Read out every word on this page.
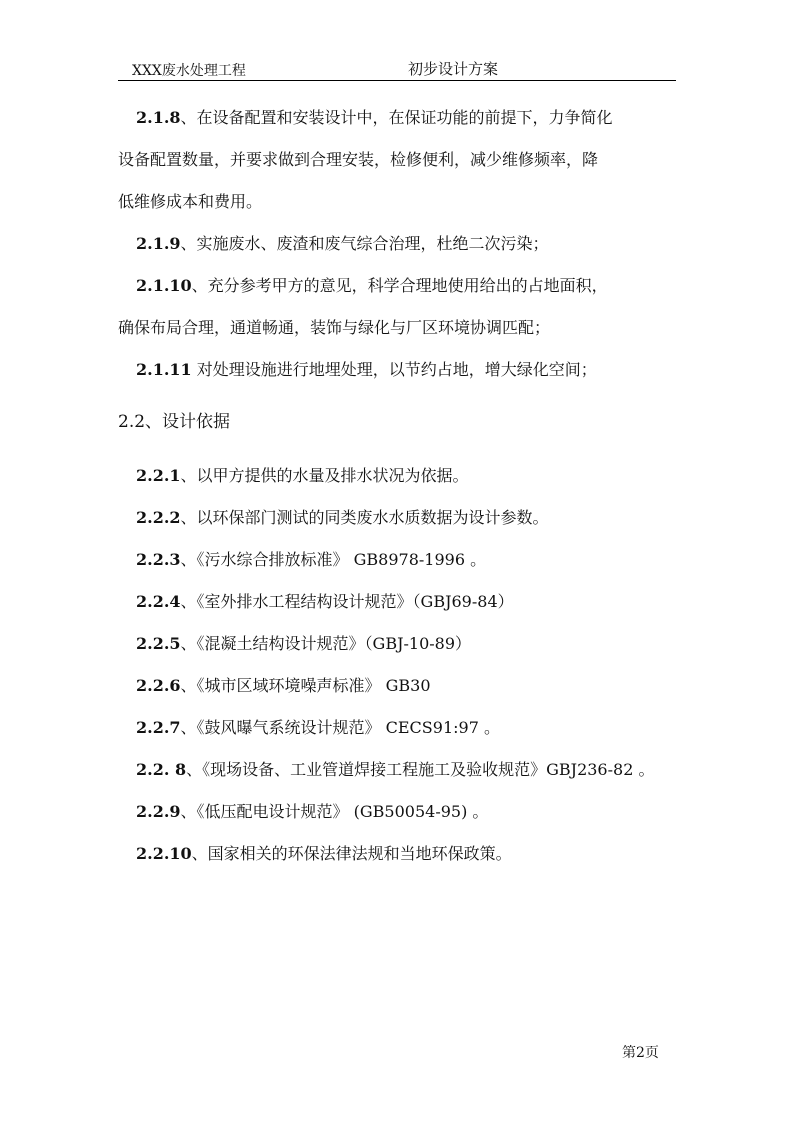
XXX废水处理工程	初步设计方案

2.1.8、在设备配置和安装设计中，在保证功能的前提下，力争简化

设备配置数量，并要求做到合理安装，检修便利，减少维修频率，降

低维修成本和费用。

2.1.9、实施废水、废渣和废气综合治理，杜绝二次污染；

2.1.10、充分参考甲方的意见，科学合理地使用给出的占地面积，

确保布局合理，通道畅通，装饰与绿化与厂区环境协调匹配；

2.1.11 对处理设施进行地埋处理，以节约占地，增大绿化空间；

2.2、设计依据

2.2.1、以甲方提供的水量及排水状况为依据。

2.2.2、以环保部门测试的同类废水水质数据为设计参数。

2.2.3、《污水综合排放标准》 GB8978-1996 。

2.2.4、《室外排水工程结构设计规范》（GBJ69-84）

2.2.5、《混凝土结构设计规范》（GBJ-10-89）

2.2.6、《城市区域环境噪声标准》 GB30

2.2.7、《鼓风曝气系统设计规范》 CECS91:97 。

2.2. 8、《现场设备、工业管道焊接工程施工及验收规范》GBJ236-82 。

2.2.9、《低压配电设计规范》 (GB50054-95) 。

2.2.10、国家相关的环保法律法规和当地环保政策。

第2页
